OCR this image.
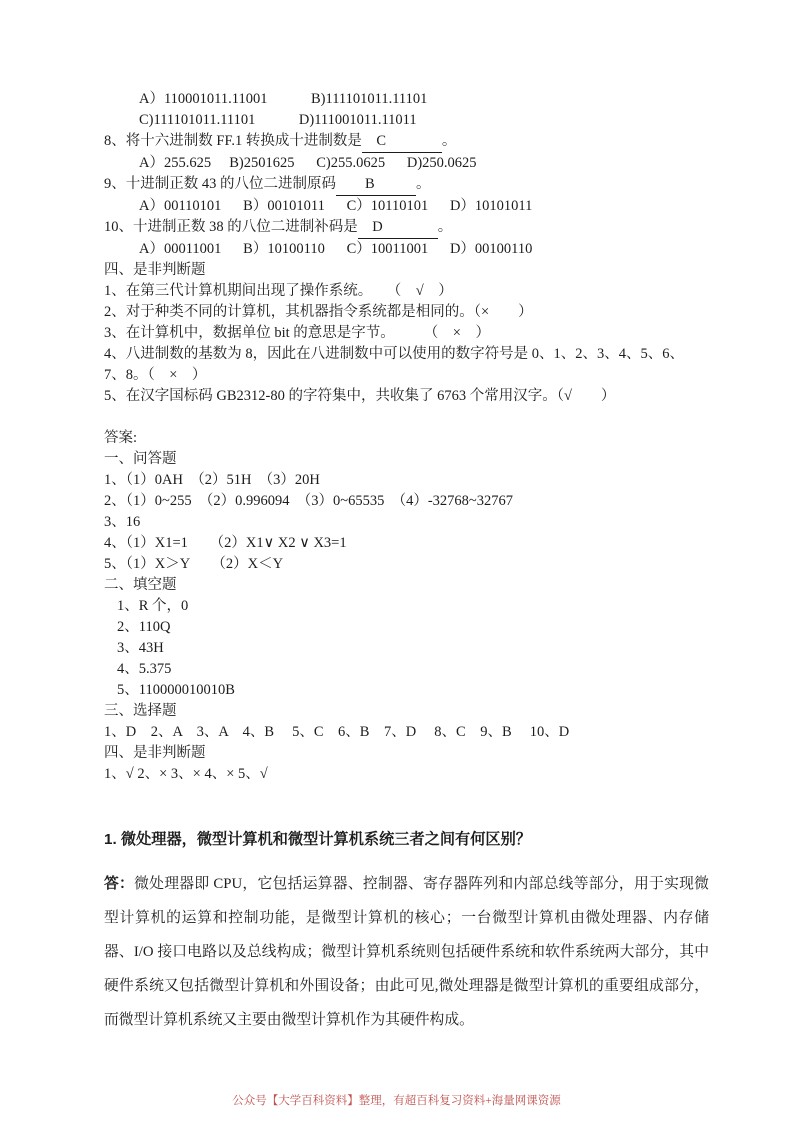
A）110001011.11001            B)111101011.11101
C)111101011.11101            D)111001011.11011
8、将十六进制数 FF.1 转换成十进制数是　C　　。
A）255.625     B)2501625      C)255.0625      D)250.0625
9、十进制正数 43 的八位二进制原码　　B　。
A）00110101      B）00101011      C）10110101      D）10101011
10、十进制正数 38 的八位二进制补码是　D　　。
A）00011001      B）10100110      C）10011001      D）00100110
四、是非判断题
1、在第三代计算机期间出现了操作系统。　　（　√　）
2、对于种类不同的计算机，其机器指令系统都是相同的。（×　　）
3、在计算机中，数据单位 bit 的意思是字节。　　　（　×　）
4、八进制数的基数为 8，因此在八进制数中可以使用的数字符号是 0、1、2、3、4、5、6、
7、8。（　×　）
5、在汉字国标码 GB2312-80 的字符集中，共收集了 6763 个常用汉字。（√　　）
答案:
一、问答题
1、（1）0AH　（2）51H　（3）20H
2、（1）0~255　（2）0.996094　（3）0~65535　（4）-32768~32767
3、16
4、（1）X1=1　　（2）X1∨ X2 ∨ X3=1
5、（1）X＞Y　　（2）X＜Y
二、填空题
1、R 个，0
2、110Q
3、43H
4、5.375
5、110000010010B
三、选择题
1、D　2、A　3、A　4、B　 5、C　6、B　7、D　 8、C　9、B　 10、D
四、是非判断题
1、√ 2、× 3、× 4、× 5、√
1. 微处理器，微型计算机和微型计算机系统三者之间有何区别？
答：微处理器即 CPU，它包括运算器、控制器、寄存器阵列和内部总线等部分，用于实现微型计算机的运算和控制功能，是微型计算机的核心；一台微型计算机由微处理器、内存储器、I/O 接口电路以及总线构成；微型计算机系统则包括硬件系统和软件系统两大部分，其中硬件系统又包括微型计算机和外围设备；由此可见,微处理器是微型计算机的重要组成部分，而微型计算机系统又主要由微型计算机作为其硬件构成。
公众号【大学百科资料】整理，有超百科复习资料+海量网课资源
